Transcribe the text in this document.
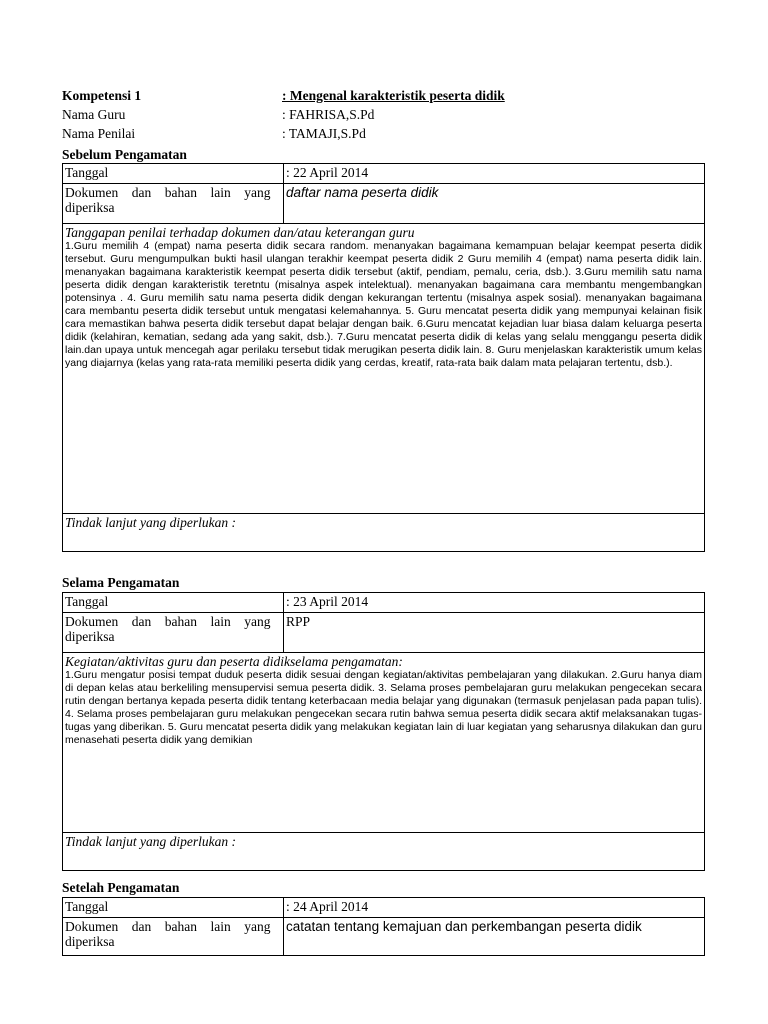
Kompetensi 1	: Mengenal karakteristik peserta didik
Nama Guru	: FAHRISA,S.Pd
Nama Penilai	: TAMAJI,S.Pd
Sebelum Pengamatan
Tanggal	: 22 April 2014

Dokumen    dan    bahan    lain    yang
diperiksa	daftar nama peserta didik
Tanggapan penilai terhadap dokumen dan/atau keterangan guru
1.Guru memilih 4 (empat) nama peserta didik secara random. menanyakan bagaimana kemampuan belajar keempat peserta didik tersebut. Guru mengumpulkan bukti hasil ulangan terakhir keempat peserta didik 2 Guru memilih 4 (empat) nama peserta didik lain. menanyakan bagaimana karakteristik keempat peserta didik tersebut (aktif, pendiam, pemalu, ceria, dsb.). 3.Guru memilih satu nama peserta didik dengan karakteristik teretntu (misalnya aspek intelektual). menanyakan bagaimana cara membantu mengembangkan potensinya . 4. Guru memilih satu nama peserta didik dengan kekurangan tertentu (misalnya aspek sosial). menanyakan bagaimana cara membantu peserta didik tersebut untuk mengatasi kelemahannya. 5. Guru mencatat peserta didik yang mempunyai kelainan fisik cara memastikan bahwa peserta didik tersebut dapat belajar dengan baik. 6.Guru mencatat kejadian luar biasa dalam keluarga peserta didik (kelahiran, kematian, sedang ada yang sakit, dsb.). 7.Guru mencatat peserta didik di kelas yang selalu menggangu peserta didik lain.dan upaya untuk mencegah agar perilaku tersebut tidak merugikan peserta didik lain. 8. Guru menjelaskan karakteristik umum kelas yang diajarnya (kelas yang rata-rata memiliki peserta didik yang cerdas, kreatif, rata-rata baik dalam mata pelajaran tertentu, dsb.).	

Tindak lanjut yang diperlukan :	
Selama Pengamatan
Tanggal	: 23 April 2014

Dokumen    dan    bahan    lain    yang
diperiksa	RPP

Kegiatan/aktivitas guru dan peserta didikselama pengamatan:
1.Guru mengatur posisi tempat duduk peserta didik sesuai dengan kegiatan/aktivitas pembelajaran yang dilakukan. 2.Guru hanya diam di depan kelas atau berkeliling mensupervisi semua peserta didik. 3. Selama proses pembelajaran guru melakukan pengecekan secara rutin dengan bertanya kepada peserta didik tentang keterbacaan media belajar yang digunakan (termasuk penjelasan pada papan tulis). 4. Selama proses pembelajaran guru melakukan pengecekan secara rutin bahwa semua peserta didik secara aktif melaksanakan tugas-tugas yang diberikan. 5. Guru mencatat peserta didik yang melakukan kegiatan lain di luar kegiatan yang seharusnya dilakukan dan guru menasehati peserta didik yang demikian	

Tindak lanjut yang diperlukan :	
Setelah Pengamatan
Tanggal	: 24 April 2014

Dokumen    dan    bahan    lain    yang
diperiksa	catatan tentang kemajuan dan perkembangan peserta didik
